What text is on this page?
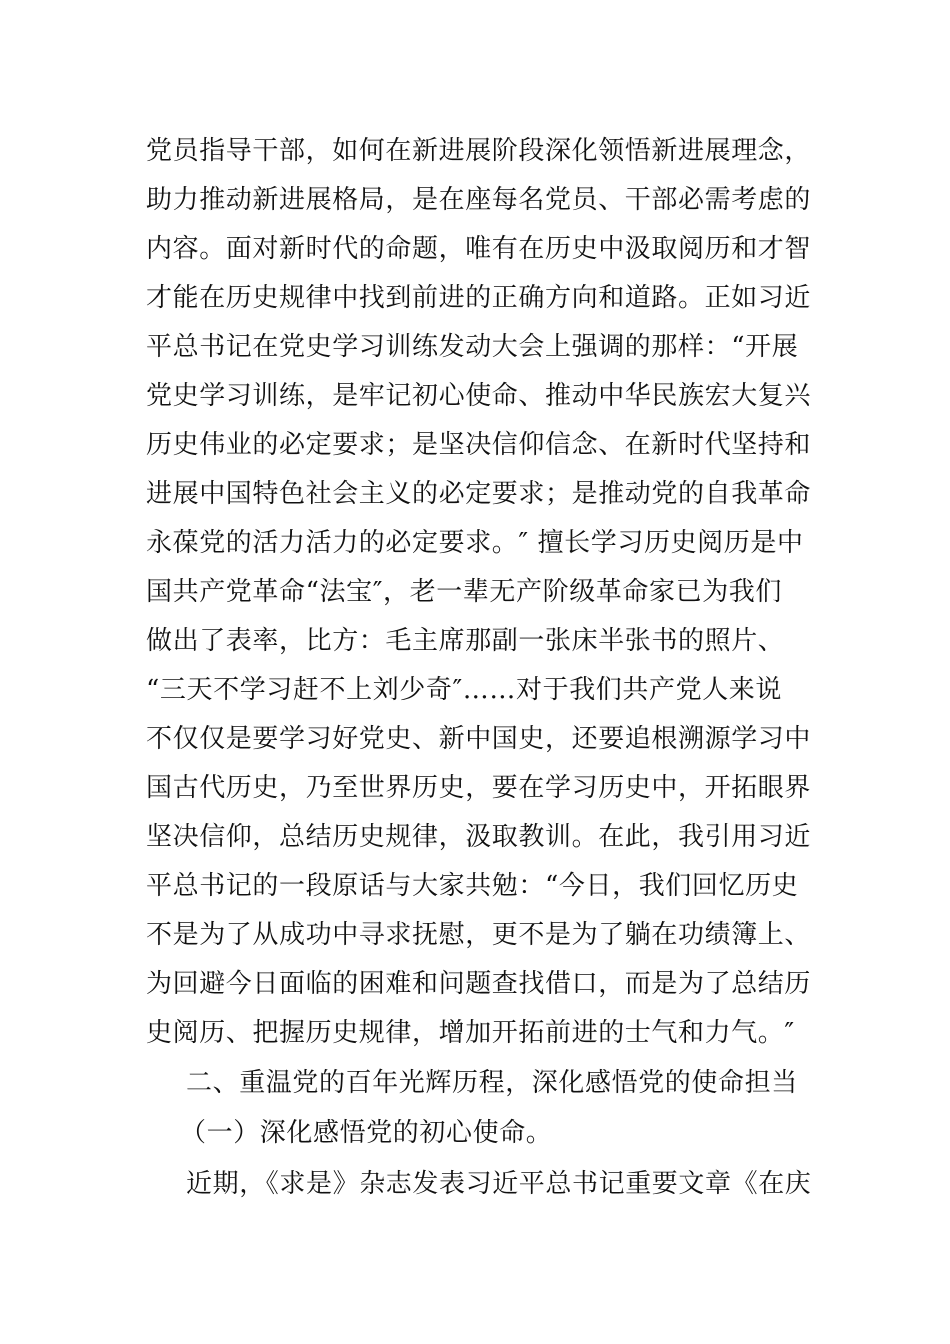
党员指导干部，如何在新进展阶段深化领悟新进展理念，
助力推动新进展格局，是在座每名党员、干部必需考虑的
内容。面对新时代的命题，唯有在历史中汲取阅历和才智
才能在历史规律中找到前进的正确方向和道路。正如习近
平总书记在党史学习训练发动大会上强调的那样：“开展
党史学习训练，是牢记初心使命、推动中华民族宏大复兴
历史伟业的必定要求；是坚决信仰信念、在新时代坚持和
进展中国特色社会主义的必定要求；是推动党的自我革命
永葆党的活力活力的必定要求。″ 擅长学习历史阅历是中
国共产党革命“法宝″，老一辈无产阶级革命家已为我们
做出了表率，比方：毛主席那副一张床半张书的照片、
“三天不学习赶不上刘少奇″……对于我们共产党人来说
不仅仅是要学习好党史、新中国史，还要追根溯源学习中
国古代历史，乃至世界历史，要在学习历史中，开拓眼界
坚决信仰，总结历史规律，汲取教训。在此，我引用习近
平总书记的一段原话与大家共勉：“今日，我们回忆历史
不是为了从成功中寻求抚慰，更不是为了躺在功绩簿上、
为回避今日面临的困难和问题查找借口，而是为了总结历
史阅历、把握历史规律，增加开拓前进的士气和力气。″
二、重温党的百年光辉历程，深化感悟党的使命担当
（一）深化感悟党的初心使命。
近期，《求是》杂志发表习近平总书记重要文章《在庆
